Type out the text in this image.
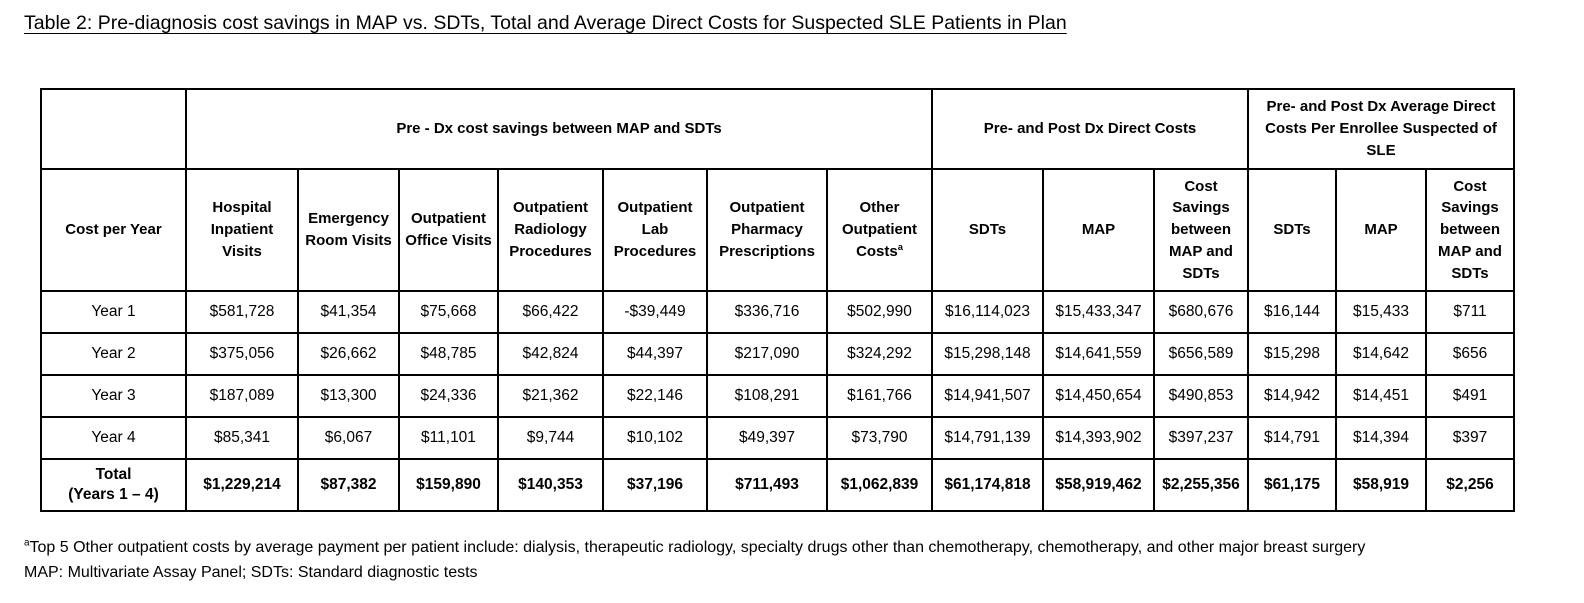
Table 2: Pre-diagnosis cost savings in MAP vs. SDTs, Total and Average Direct Costs for Suspected SLE Patients in Plan
	Pre - Dx cost savings between MAP and SDTs							Pre- and Post Dx Direct Costs			Pre- and Post Dx Average Direct Costs Per Enrollee Suspected of SLE		
Cost per Year	Hospital Inpatient Visits	Emergency Room Visits	Outpatient Office Visits	Outpatient Radiology Procedures	Outpatient Lab Procedures	Outpatient Pharmacy Prescriptions	Other Outpatient Costs$^a$	SDTs	MAP	Cost Savings between MAP and SDTs	SDTs	MAP	Cost Savings between MAP and SDTs
Year 1	$581,728	$41,354	$75,668	$66,422	-$39,449	$336,716	$502,990	$16,114,023	$15,433,347	$680,676	$16,144	$15,433	$711
Year 2	$375,056	$26,662	$48,785	$42,824	$44,397	$217,090	$324,292	$15,298,148	$14,641,559	$656,589	$15,298	$14,642	$656
Year 3	$187,089	$13,300	$24,336	$21,362	$22,146	$108,291	$161,766	$14,941,507	$14,450,654	$490,853	$14,942	$14,451	$491
Year 4	$85,341	$6,067	$11,101	$9,744	$10,102	$49,397	$73,790	$14,791,139	$14,393,902	$397,237	$14,791	$14,394	$397

Total
(Years 1 – 4)	$1,229,214	$87,382	$159,890	$140,353	$37,196	$711,493	$1,062,839	$61,174,818	$58,919,462	$2,255,356	$61,175	$58,919	$2,256

$^a$Top 5 Other outpatient costs by average payment per patient include: dialysis, therapeutic radiology, specialty drugs other than chemotherapy, chemotherapy, and other major breast surgery

MAP: Multivariate Assay Panel; SDTs: Standard diagnostic tests
